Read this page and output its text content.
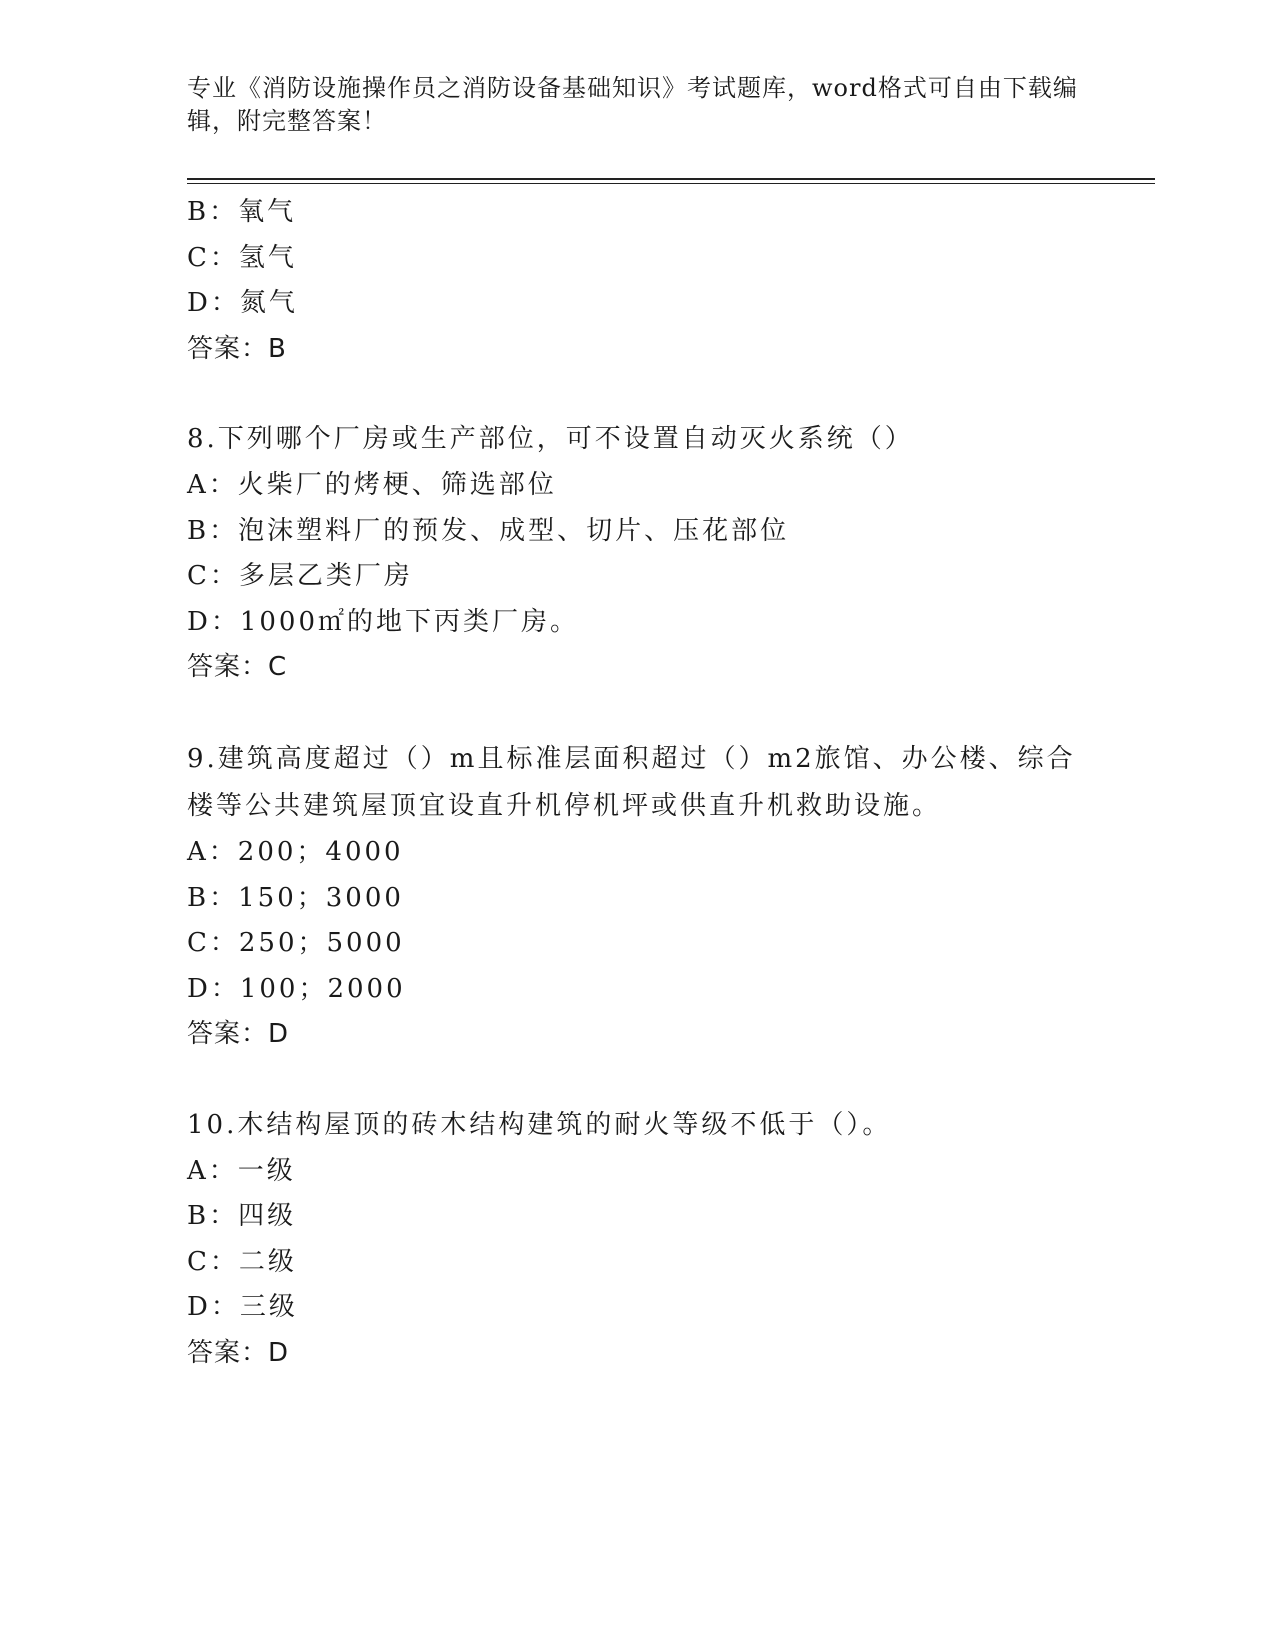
专业《消防设施操作员之消防设备基础知识》考试题库，word格式可自由下载编辑，附完整答案！
B：氧气
C：氢气
D：氮气
答案：B
8.下列哪个厂房或生产部位，可不设置自动灭火系统（）
A：火柴厂的烤梗、筛选部位
B：泡沫塑料厂的预发、成型、切片、压花部位
C：多层乙类厂房
D：1000㎡的地下丙类厂房。
答案：C
9.建筑高度超过（）m且标准层面积超过（）m2旅馆、办公楼、综合楼等公共建筑屋顶宜设直升机停机坪或供直升机救助设施。
A：200；4000
B：150；3000
C：250；5000
D：100；2000
答案：D
10.木结构屋顶的砖木结构建筑的耐火等级不低于（）。
A：一级
B：四级
C：二级
D：三级
答案：D
